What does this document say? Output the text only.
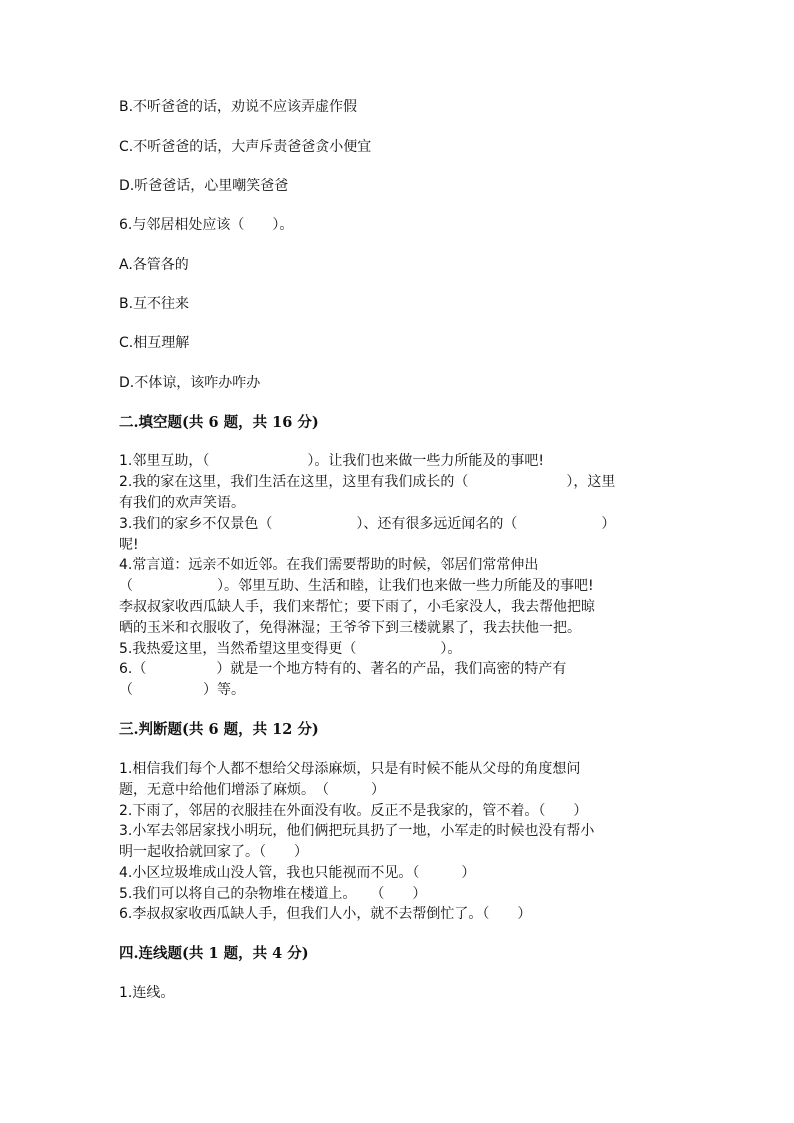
B.不听爸爸的话，劝说不应该弄虚作假
C.不听爸爸的话，大声斥责爸爸贪小便宜
D.听爸爸话，心里嘲笑爸爸
6.与邻居相处应该（　　）。
A.各管各的
B.互不往来
C.相互理解
D.不体谅，该咋办咋办
二.填空题(共 6 题，共 16 分)
1.邻里互助，（　　　　　　　）。让我们也来做一些力所能及的事吧!
2.我的家在这里，我们生活在这里，这里有我们成长的（　　　　　　　），这里
有我们的欢声笑语。
3.我们的家乡不仅景色（　　　　　　）、还有很多远近闻名的（　　　　　　）
呢!
4.常言道：远亲不如近邻。在我们需要帮助的时候，邻居们常常伸出
（　　　　　　）。邻里互助、生活和睦，让我们也来做一些力所能及的事吧!
李叔叔家收西瓜缺人手，我们来帮忙；要下雨了，小毛家没人，我去帮他把晾
晒的玉米和衣服收了，免得淋湿；王爷爷下到三楼就累了，我去扶他一把。
5.我热爱这里，当然希望这里变得更（　　　　　　）。
6.（　　　　　）就是一个地方特有的、著名的产品，我们高密的特产有
（　　　　　）等。
三.判断题(共 6 题，共 12 分)
1.相信我们每个人都不想给父母添麻烦，只是有时候不能从父母的角度想问
题，无意中给他们增添了麻烦。　（　　　）
2.下雨了，邻居的衣服挂在外面没有收。反正不是我家的，管不着。（　　）
3.小军去邻居家找小明玩，他们俩把玩具扔了一地，小军走的时候也没有帮小
明一起收拾就回家了。（　　）
4.小区垃圾堆成山没人管，我也只能视而不见。（　　　）
5.我们可以将自己的杂物堆在楼道上。　　（　　）
6.李叔叔家收西瓜缺人手，但我们人小，就不去帮倒忙了。（　　）
四.连线题(共 1 题，共 4 分)
1.连线。
